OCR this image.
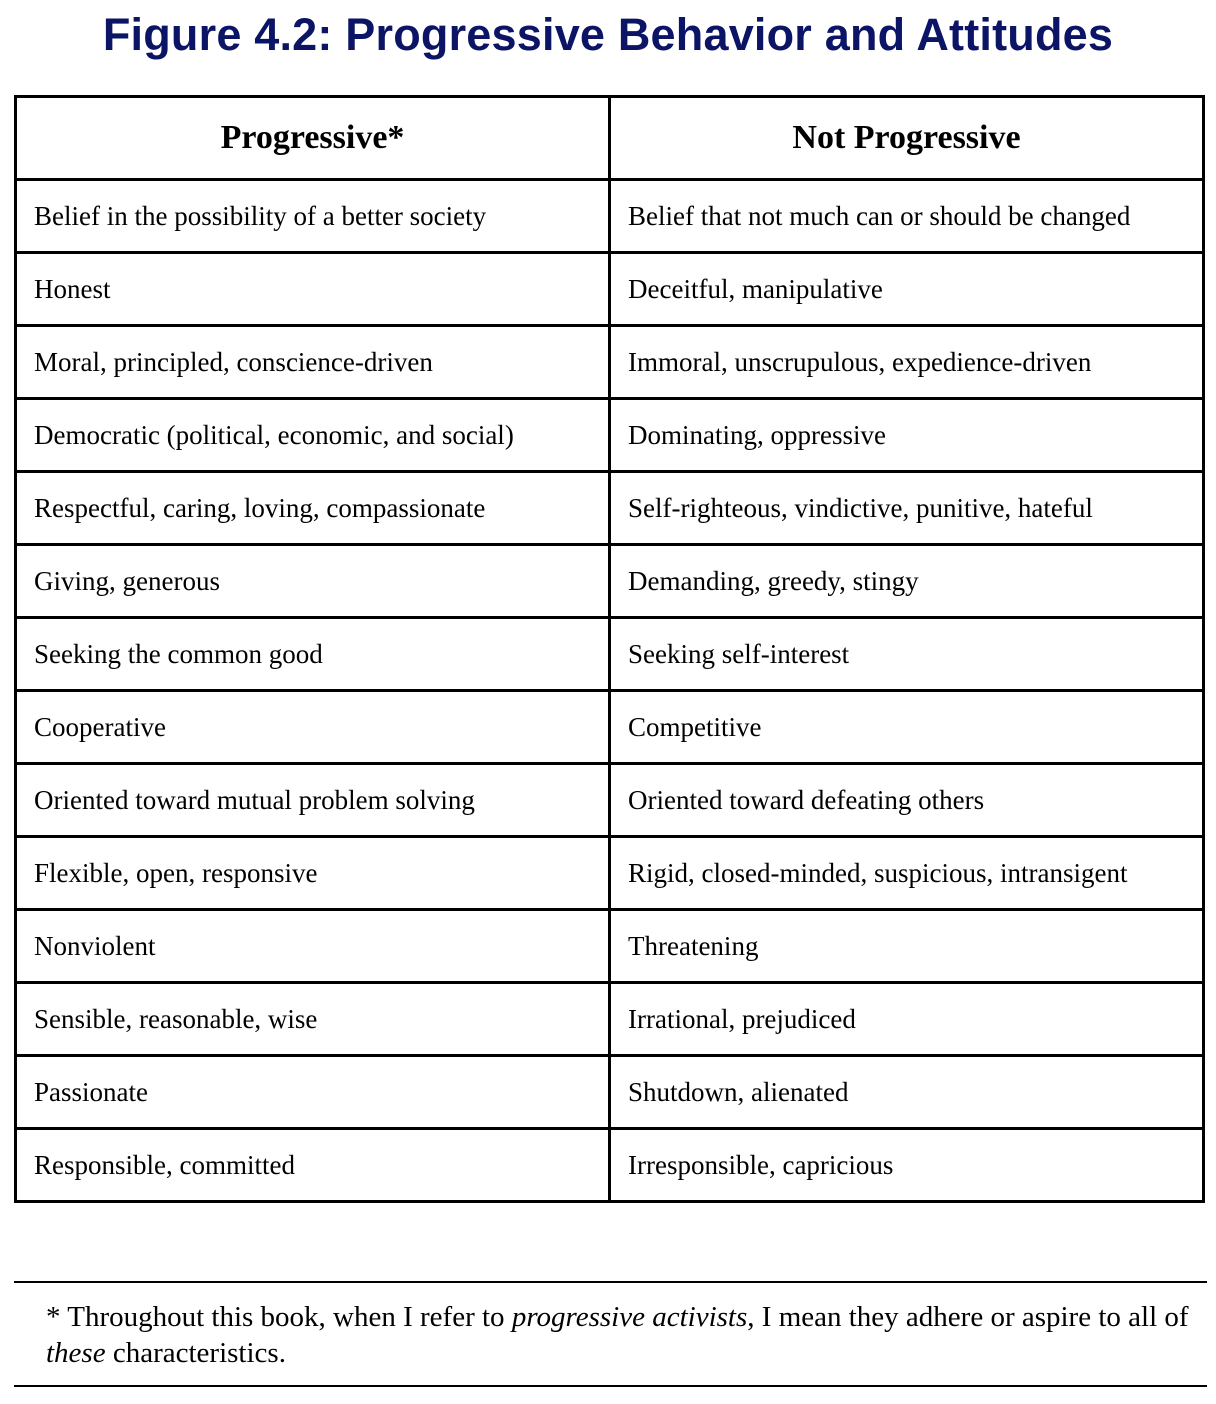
Figure 4.2: Progressive Behavior and Attitudes
Progressive*	Not Progressive
Belief in the possibility of a better society	Belief that not much can or should be changed
Honest	Deceitful, manipulative
Moral, principled, conscience-driven	Immoral, unscrupulous, expedience-driven
Democratic (political, economic, and social)	Dominating, oppressive
Respectful, caring, loving, compassionate	Self-righteous, vindictive, punitive, hateful
Giving, generous	Demanding, greedy, stingy
Seeking the common good	Seeking self-interest
Cooperative	Competitive
Oriented toward mutual problem solving	Oriented toward defeating others
Flexible, open, responsive	Rigid, closed-minded, suspicious, intransigent
Nonviolent	Threatening
Sensible, reasonable, wise	Irrational, prejudiced
Passionate	Shutdown, alienated
Responsible, committed	Irresponsible, capricious
* Throughout this book, when I refer to progressive activists, I mean they adhere or aspire to all of these characteristics.
